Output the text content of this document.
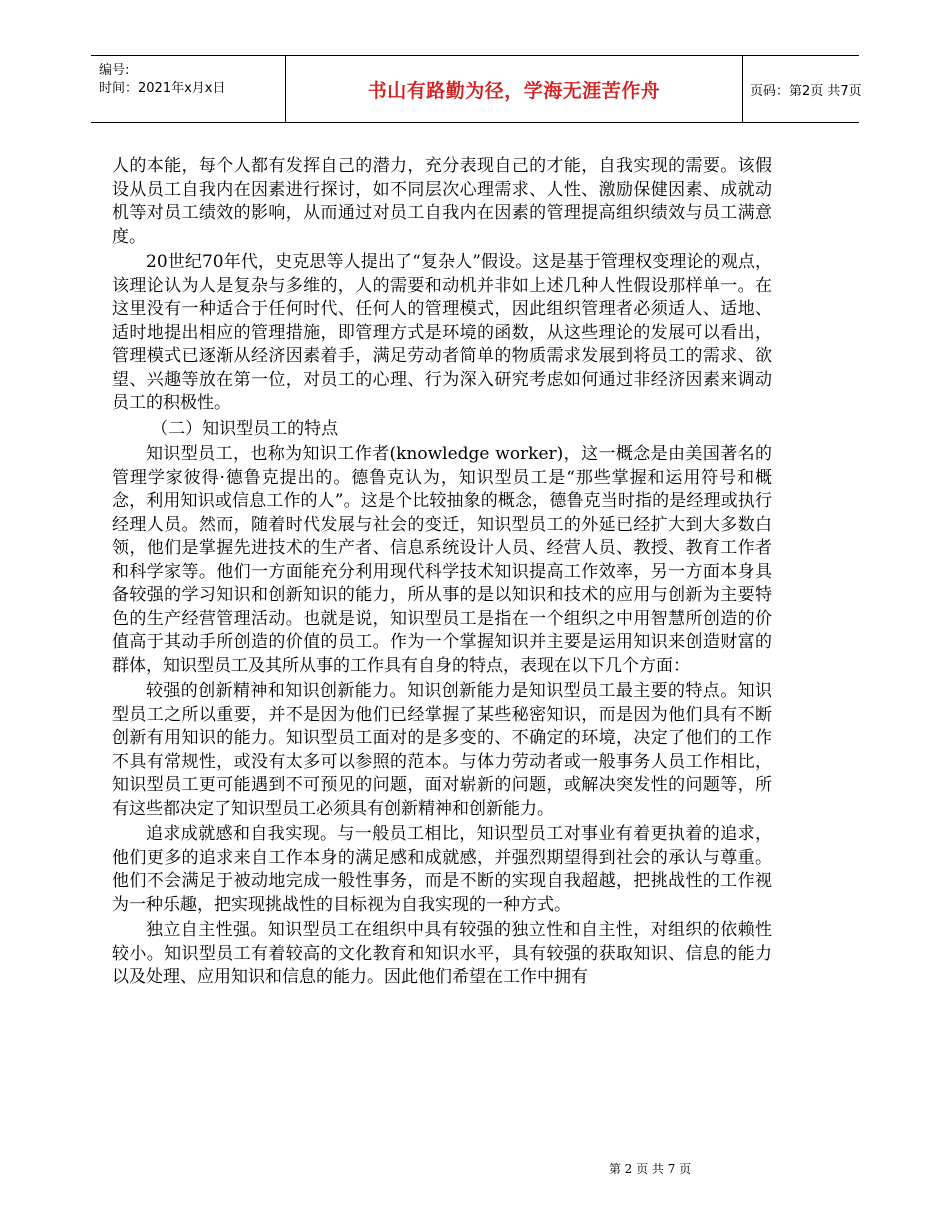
编号:
时间：2021年x月x日	书山有路勤为径，学海无涯苦作舟	页码：第2页 共7页

人的本能，每个人都有发挥自己的潜力，充分表现自己的才能，自我实现的需要。该假设从员工自我内在因素进行探讨，如不同层次心理需求、人性、激励保健因素、成就动机等对员工绩效的影响，从而通过对员工自我内在因素的管理提高组织绩效与员工满意度。

20世纪70年代，史克思等人提出了“复杂人”假设。这是基于管理权变理论的观点，该理论认为人是复杂与多维的，人的需要和动机并非如上述几种人性假设那样单一。在这里没有一种适合于任何时代、任何人的管理模式，因此组织管理者必须适人、适地、适时地提出相应的管理措施，即管理方式是环境的函数，从这些理论的发展可以看出，管理模式已逐渐从经济因素着手，满足劳动者简单的物质需求发展到将员工的需求、欲望、兴趣等放在第一位，对员工的心理、行为深入研究考虑如何通过非经济因素来调动员工的积极性。

（二）知识型员工的特点

知识型员工，也称为知识工作者(knowledge worker)，这一概念是由美国著名的管理学家彼得·德鲁克提出的。德鲁克认为，知识型员工是“那些掌握和运用符号和概念，利用知识或信息工作的人”。这是个比较抽象的概念，德鲁克当时指的是经理或执行经理人员。然而，随着时代发展与社会的变迁，知识型员工的外延已经扩大到大多数白领，他们是掌握先进技术的生产者、信息系统设计人员、经营人员、教授、教育工作者和科学家等。他们一方面能充分利用现代科学技术知识提高工作效率，另一方面本身具备较强的学习知识和创新知识的能力，所从事的是以知识和技术的应用与创新为主要特色的生产经营管理活动。也就是说，知识型员工是指在一个组织之中用智慧所创造的价值高于其动手所创造的价值的员工。作为一个掌握知识并主要是运用知识来创造财富的群体，知识型员工及其所从事的工作具有自身的特点，表现在以下几个方面：

较强的创新精神和知识创新能力。知识创新能力是知识型员工最主要的特点。知识型员工之所以重要，并不是因为他们已经掌握了某些秘密知识，而是因为他们具有不断创新有用知识的能力。知识型员工面对的是多变的、不确定的环境，决定了他们的工作不具有常规性，或没有太多可以参照的范本。与体力劳动者或一般事务人员工作相比，知识型员工更可能遇到不可预见的问题，面对崭新的问题，或解决突发性的问题等，所有这些都决定了知识型员工必须具有创新精神和创新能力。

追求成就感和自我实现。与一般员工相比，知识型员工对事业有着更执着的追求，他们更多的追求来自工作本身的满足感和成就感，并强烈期望得到社会的承认与尊重。他们不会满足于被动地完成一般性事务，而是不断的实现自我超越，把挑战性的工作视为一种乐趣，把实现挑战性的目标视为自我实现的一种方式。

独立自主性强。知识型员工在组织中具有较强的独立性和自主性，对组织的依赖性较小。知识型员工有着较高的文化教育和知识水平，具有较强的获取知识、信息的能力以及处理、应用知识和信息的能力。因此他们希望在工作中拥有

第 2 页 共 7 页
